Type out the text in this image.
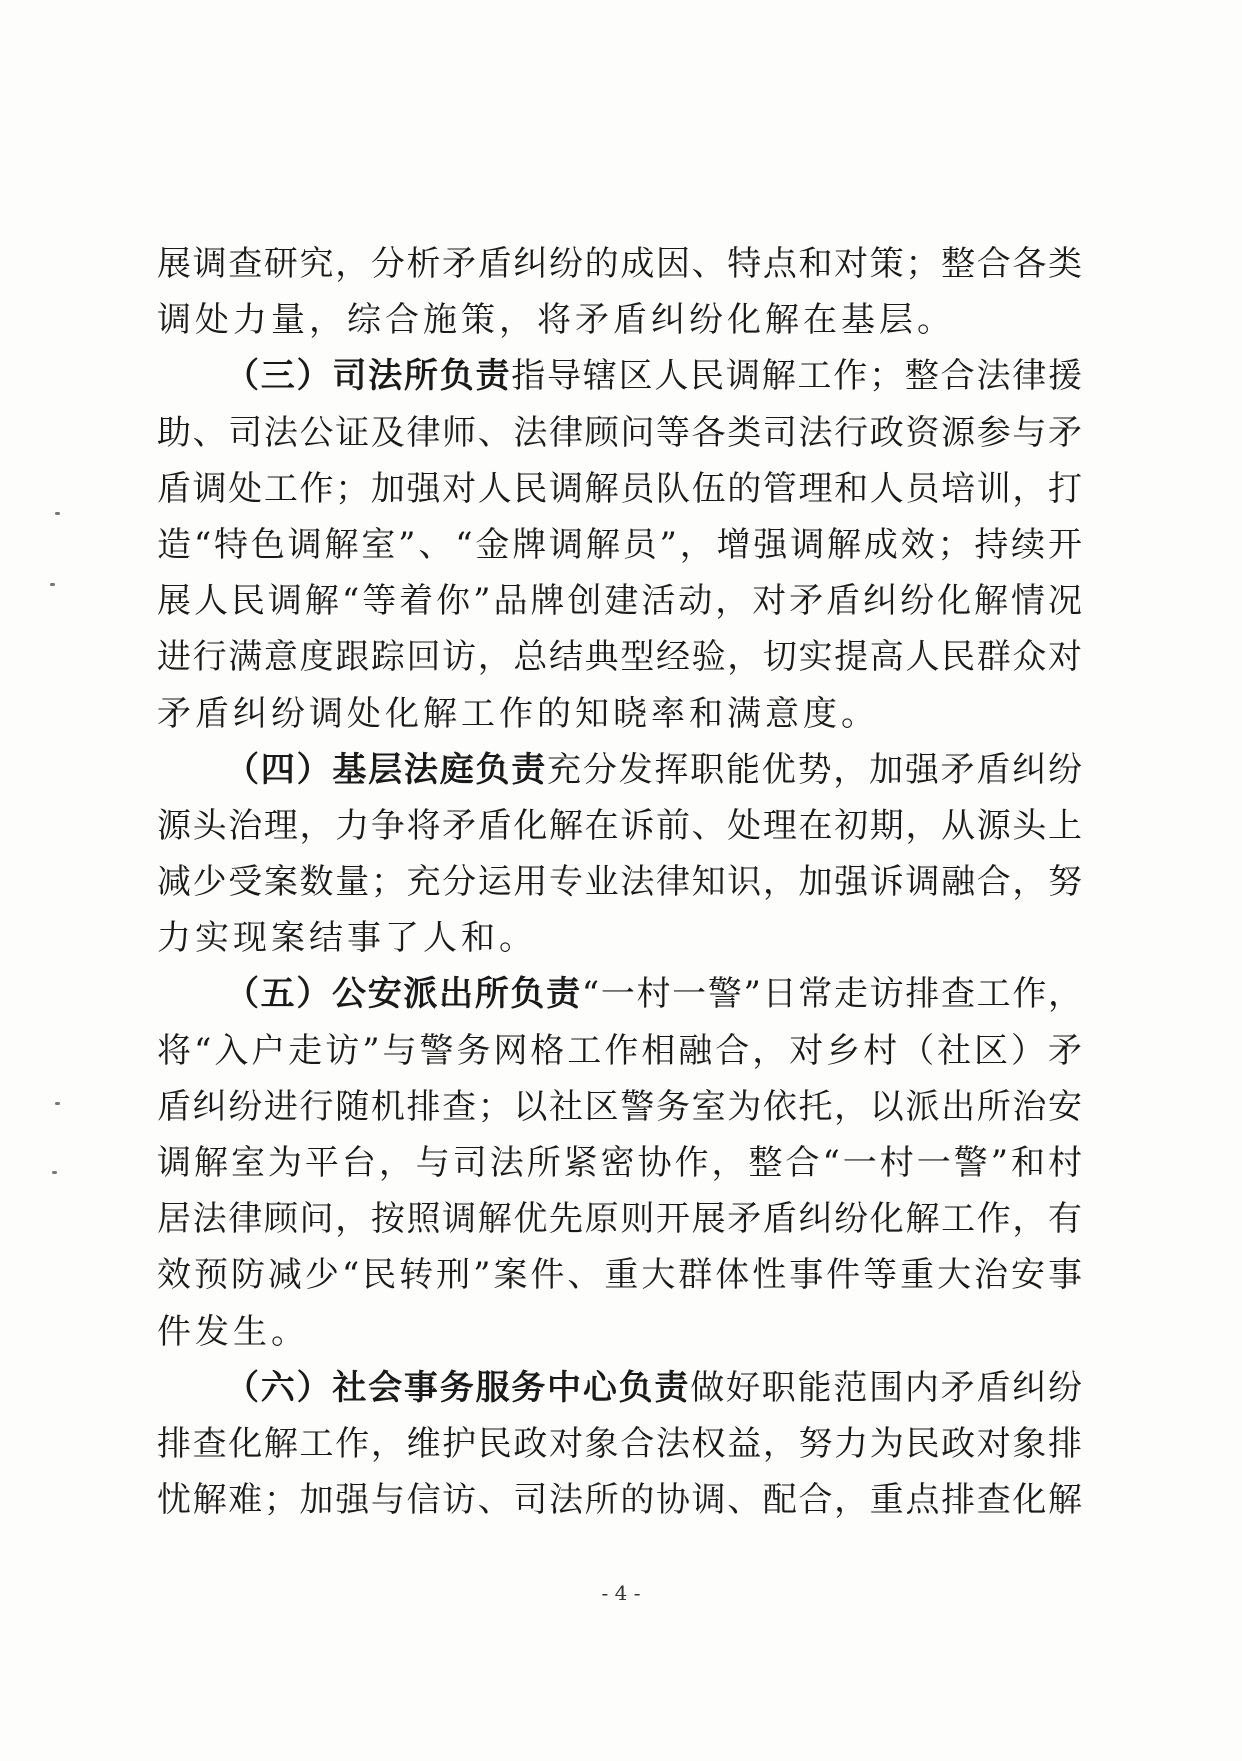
展调查研究，分析矛盾纠纷的成因、特点和对策；整合各类
调处力量，综合施策，将矛盾纠纷化解在基层。
（三）司法所负责指导辖区人民调解工作；整合法律援
助、司法公证及律师、法律顾问等各类司法行政资源参与矛
盾调处工作；加强对人民调解员队伍的管理和人员培训，打
造“特色调解室”、“金牌调解员”，增强调解成效；持续开
展人民调解“等着你”品牌创建活动，对矛盾纠纷化解情况
进行满意度跟踪回访，总结典型经验，切实提高人民群众对
矛盾纠纷调处化解工作的知晓率和满意度。
（四）基层法庭负责充分发挥职能优势，加强矛盾纠纷
源头治理，力争将矛盾化解在诉前、处理在初期，从源头上
减少受案数量；充分运用专业法律知识，加强诉调融合，努
力实现案结事了人和。
（五）公安派出所负责“一村一警”日常走访排查工作，
将“入户走访”与警务网格工作相融合，对乡村（社区）矛
盾纠纷进行随机排查；以社区警务室为依托，以派出所治安
调解室为平台，与司法所紧密协作，整合“一村一警”和村
居法律顾问，按照调解优先原则开展矛盾纠纷化解工作，有
效预防减少“民转刑”案件、重大群体性事件等重大治安事
件发生。
（六）社会事务服务中心负责做好职能范围内矛盾纠纷
排查化解工作，维护民政对象合法权益，努力为民政对象排
忧解难；加强与信访、司法所的协调、配合，重点排查化解
- 4 -
